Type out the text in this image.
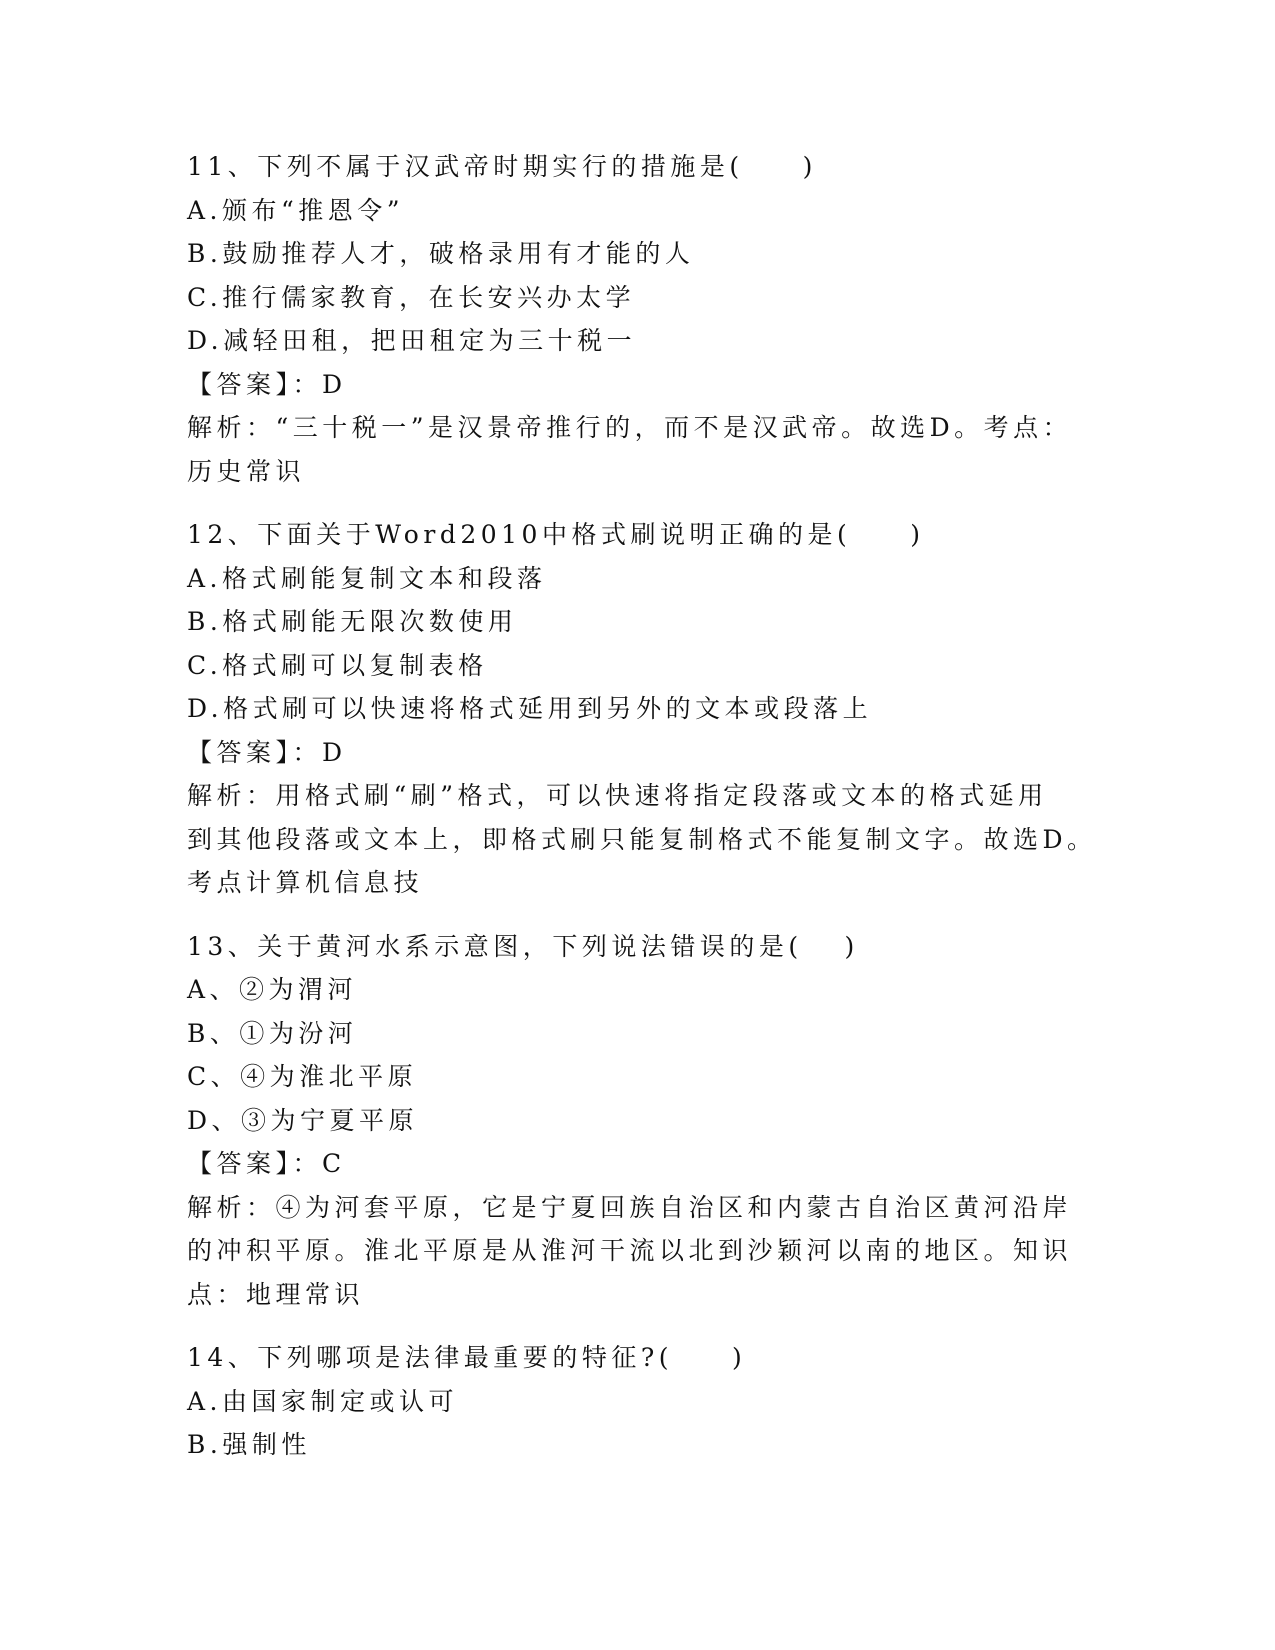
11、下列不属于汉武帝时期实行的措施是(　　)
A.颁布“推恩令”
B.鼓励推荐人才，破格录用有才能的人
C.推行儒家教育，在长安兴办太学
D.减轻田租，把田租定为三十税一
【答案】：D
解析：“三十税一”是汉景帝推行的，而不是汉武帝。故选D。考点：
历史常识
12、下面关于Word2010中格式刷说明正确的是(　　)
A.格式刷能复制文本和段落
B.格式刷能无限次数使用
C.格式刷可以复制表格
D.格式刷可以快速将格式延用到另外的文本或段落上
【答案】：D
解析：用格式刷“刷”格式，可以快速将指定段落或文本的格式延用
到其他段落或文本上，即格式刷只能复制格式不能复制文字。故选D。
考点计算机信息技
13、关于黄河水系示意图，下列说法错误的是(　 )
A、②为渭河
B、①为汾河
C、④为淮北平原
D、③为宁夏平原
【答案】：C
解析：④为河套平原，它是宁夏回族自治区和内蒙古自治区黄河沿岸
的冲积平原。淮北平原是从淮河干流以北到沙颖河以南的地区。知识
点：地理常识
14、下列哪项是法律最重要的特征?(　　)
A.由国家制定或认可
B.强制性
